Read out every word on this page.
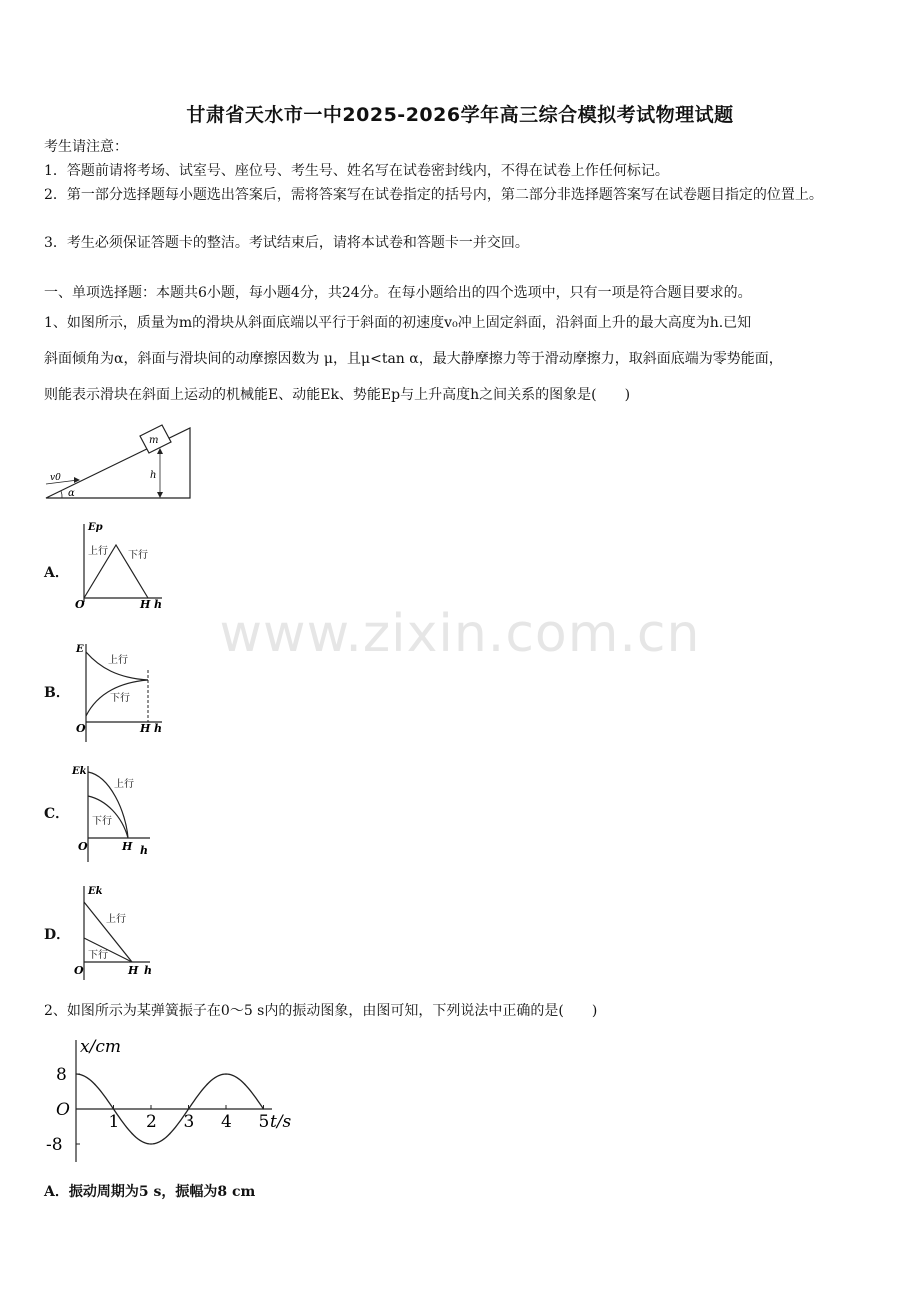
甘肃省天水市一中2025-2026学年高三综合模拟考试物理试题
考生请注意：
1．答题前请将考场、试室号、座位号、考生号、姓名写在试卷密封线内，不得在试卷上作任何标记。
2．第一部分选择题每小题选出答案后，需将答案写在试卷指定的括号内，第二部分非选择题答案写在试卷题目指定的位置上。
3．考生必须保证答题卡的整洁。考试结束后，请将本试卷和答题卡一并交回。
一、单项选择题：本题共6小题，每小题4分，共24分。在每小题给出的四个选项中，只有一项是符合题目要求的。
1、如图所示，质量为m的滑块从斜面底端以平行于斜面的初速度v₀冲上固定斜面，沿斜面上升的最大高度为h.已知
斜面倾角为α，斜面与滑块间的动摩擦因数为 μ，且μ<tan α，最大静摩擦力等于滑动摩擦力，取斜面底端为零势能面，
则能表示滑块在斜面上运动的机械能E、动能Ek、势能Ep与上升高度h之间关系的图象是(　　)
www.zixin.com.cn
m
h
v0
α
A．
Ep
上行 下行
O	H h
B．
E
上行
下行
O	H h
C．
Ek
上行
下行
O	H h
D．
Ek
上行
下行
O	H h
2、如图所示为某弹簧振子在0～5 s内的振动图象，由图可知，下列说法中正确的是(　　)
x/cm
t/s
1 2 3 4 5
8
O
-8
A．振动周期为5 s，振幅为8 cm
